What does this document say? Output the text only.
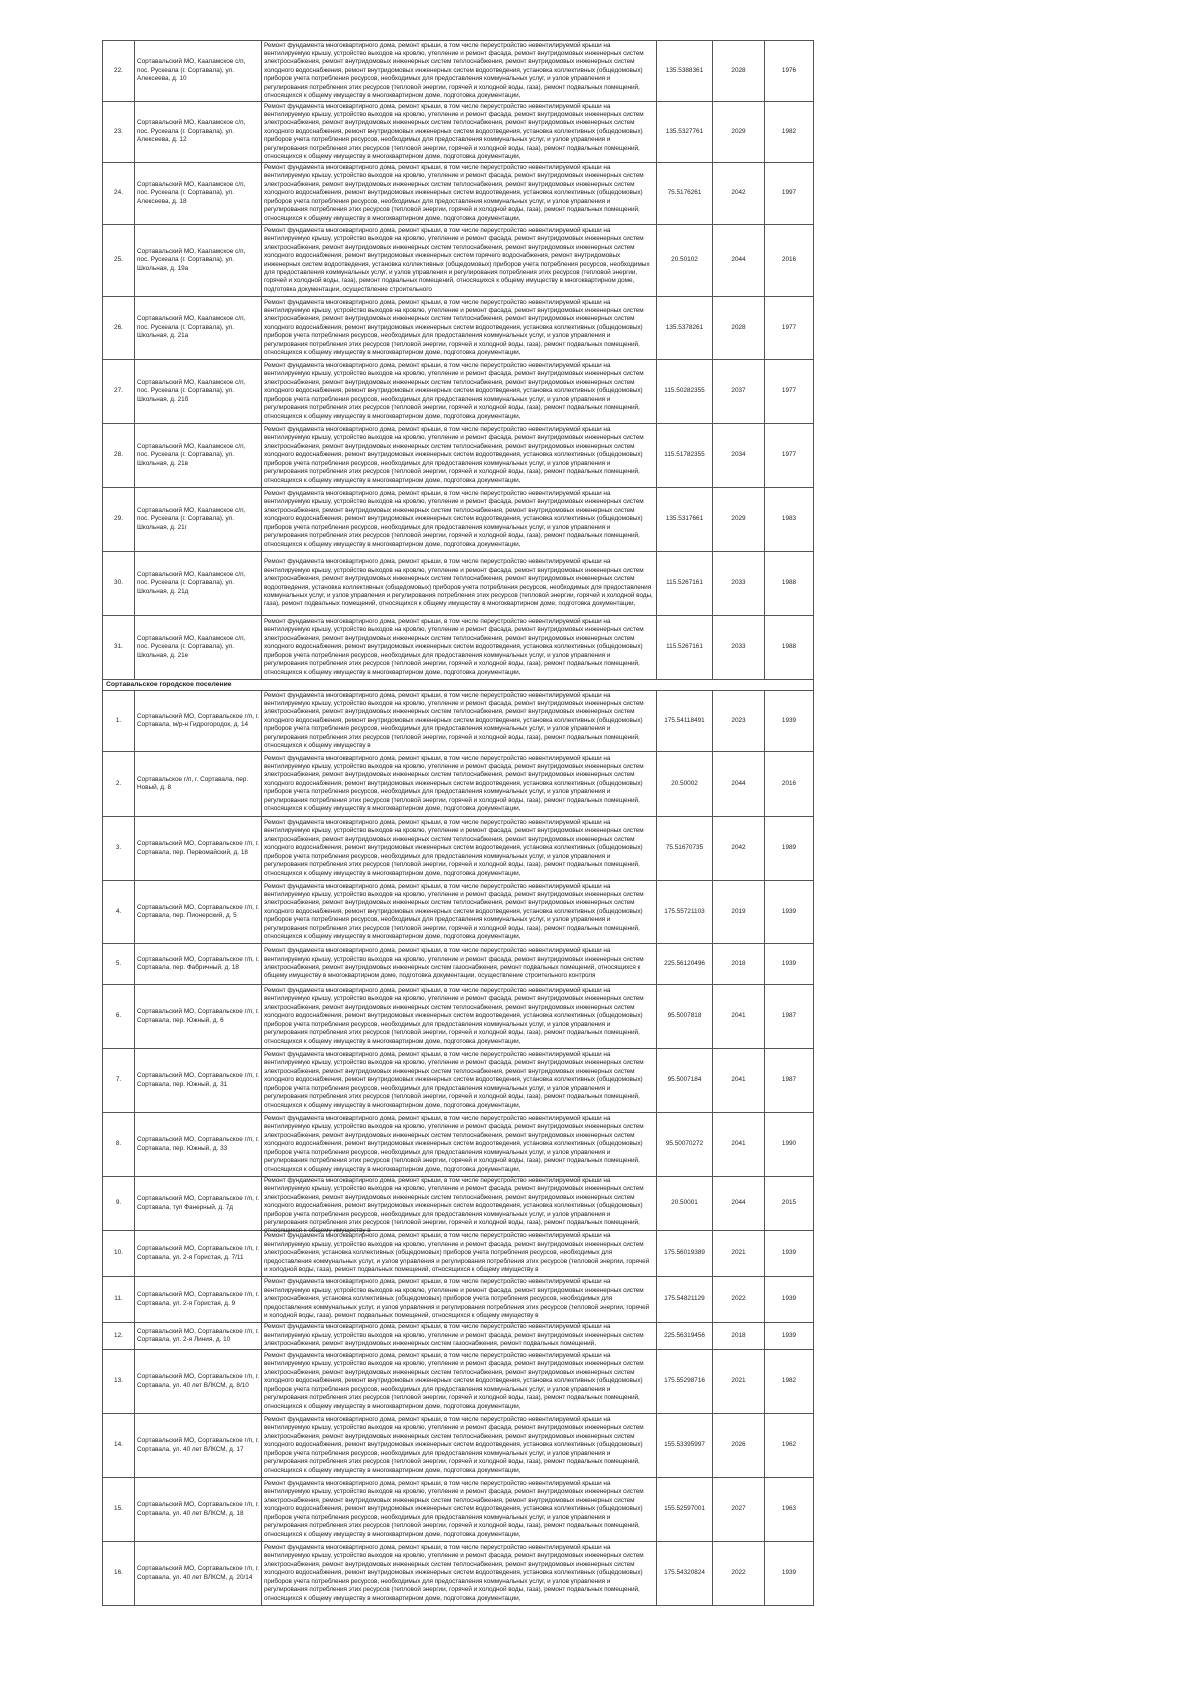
22.	Сортавальский МО, Кааламское с/п, пос. Рускеала (г. Сортавала), ул. Алексеева, д. 10	Ремонт фундамента многоквартирного дома, ремонт крыши, в том числе переустройство невентилируемой крыши на вентилируемую крышу, устройство выходов на кровлю, утепление и ремонт фасада, ремонт внутридомовых инженерных систем электроснабжения, ремонт внутридомовых инженерных систем теплоснабжения, ремонт внутридомовых инженерных систем холодного водоснабжения, ремонт внутридомовых инженерных систем водоотведения, установка коллективных (общедомовых) приборов учета потребления ресурсов, необходимых для предоставления коммунальных услуг, и узлов управления и регулирования потребления этих ресурсов (тепловой энергии, горячей и холодной воды, газа), ремонт подвальных помещений, относящихся к общему имуществу в многоквартирном доме, подготовка документации,	135.5388361	2028	1976

23.	Сортавальский МО, Кааламское с/п, пос. Рускеала (г. Сортавала), ул. Алексеева, д. 12	Ремонт фундамента многоквартирного дома, ремонт крыши, в том числе переустройство невентилируемой крыши на вентилируемую крышу, устройство выходов на кровлю, утепление и ремонт фасада, ремонт внутридомовых инженерных систем электроснабжения, ремонт внутридомовых инженерных систем теплоснабжения, ремонт внутридомовых инженерных систем холодного водоснабжения, ремонт внутридомовых инженерных систем водоотведения, установка коллективных (общедомовых) приборов учета потребления ресурсов, необходимых для предоставления коммунальных услуг, и узлов управления и регулирования потребления этих ресурсов (тепловой энергии, горячей и холодной воды, газа), ремонт подвальных помещений, относящихся к общему имуществу в многоквартирном доме, подготовка документации,	135.5327761	2029	1982

24.	Сортавальский МО, Кааламское с/п, пос. Рускеала (г. Сортавала), ул. Алексеева, д. 18	Ремонт фундамента многоквартирного дома, ремонт крыши, в том числе переустройство невентилируемой крыши на вентилируемую крышу, устройство выходов на кровлю, утепление и ремонт фасада, ремонт внутридомовых инженерных систем электроснабжения, ремонт внутридомовых инженерных систем теплоснабжения, ремонт внутридомовых инженерных систем холодного водоснабжения, ремонт внутридомовых инженерных систем водоотведения, установка коллективных (общедомовых) приборов учета потребления ресурсов, необходимых для предоставления коммунальных услуг, и узлов управления и регулирования потребления этих ресурсов (тепловой энергии, горячей и холодной воды, газа), ремонт подвальных помещений, относящихся к общему имуществу в многоквартирном доме, подготовка документации,	75.5176261	2042	1997

25.	Сортавальский МО, Кааламское с/п, пос. Рускеала (г. Сортавала), ул. Школьная, д. 19а	Ремонт фундамента многоквартирного дома, ремонт крыши, в том числе переустройство невентилируемой крыши на вентилируемую крышу, устройство выходов на кровлю, утепление и ремонт фасада, ремонт внутридомовых инженерных систем электроснабжения, ремонт внутридомовых инженерных систем теплоснабжения, ремонт внутридомовых инженерных систем холодного водоснабжения, ремонт внутридомовых инженерных систем горячего водоснабжения, ремонт внутридомовых инженерных систем водоотведения, установка коллективных (общедомовых) приборов учета потребления ресурсов, необходимых для предоставления коммунальных услуг, и узлов управления и регулирования потребления этих ресурсов (тепловой энергии, горячей и холодной воды, газа), ремонт подвальных помещений, относящихся к общему имуществу в многоквартирном доме, подготовка документации, осуществление строительного	20.50102	2044	2016

26.	Сортавальский МО, Кааламское с/п, пос. Рускеала (г. Сортавала), ул. Школьная, д. 21а	Ремонт фундамента многоквартирного дома, ремонт крыши, в том числе переустройство невентилируемой крыши на вентилируемую крышу, устройство выходов на кровлю, утепление и ремонт фасада, ремонт внутридомовых инженерных систем электроснабжения, ремонт внутридомовых инженерных систем теплоснабжения, ремонт внутридомовых инженерных систем холодного водоснабжения, ремонт внутридомовых инженерных систем водоотведения, установка коллективных (общедомовых) приборов учета потребления ресурсов, необходимых для предоставления коммунальных услуг, и узлов управления и регулирования потребления этих ресурсов (тепловой энергии, горячей и холодной воды, газа), ремонт подвальных помещений, относящихся к общему имуществу в многоквартирном доме, подготовка документации,	135.5378261	2028	1977

27.	Сортавальский МО, Кааламское с/п, пос. Рускеала (г. Сортавала), ул. Школьная, д. 21б	Ремонт фундамента многоквартирного дома, ремонт крыши, в том числе переустройство невентилируемой крыши на вентилируемую крышу, устройство выходов на кровлю, утепление и ремонт фасада, ремонт внутридомовых инженерных систем электроснабжения, ремонт внутридомовых инженерных систем теплоснабжения, ремонт внутридомовых инженерных систем холодного водоснабжения, ремонт внутридомовых инженерных систем водоотведения, установка коллективных (общедомовых) приборов учета потребления ресурсов, необходимых для предоставления коммунальных услуг, и узлов управления и регулирования потребления этих ресурсов (тепловой энергии, горячей и холодной воды, газа), ремонт подвальных помещений, относящихся к общему имуществу в многоквартирном доме, подготовка документации,	115.50282355	2037	1977

28.	Сортавальский МО, Кааламское с/п, пос. Рускеала (г. Сортавала), ул. Школьная, д. 21в	Ремонт фундамента многоквартирного дома, ремонт крыши, в том числе переустройство невентилируемой крыши на вентилируемую крышу, устройство выходов на кровлю, утепление и ремонт фасада, ремонт внутридомовых инженерных систем электроснабжения, ремонт внутридомовых инженерных систем теплоснабжения, ремонт внутридомовых инженерных систем холодного водоснабжения, ремонт внутридомовых инженерных систем водоотведения, установка коллективных (общедомовых) приборов учета потребления ресурсов, необходимых для предоставления коммунальных услуг, и узлов управления и регулирования потребления этих ресурсов (тепловой энергии, горячей и холодной воды, газа), ремонт подвальных помещений, относящихся к общему имуществу в многоквартирном доме, подготовка документации,	115.51782355	2034	1977

29.	Сортавальский МО, Кааламское с/п, пос. Рускеала (г. Сортавала), ул. Школьная, д. 21г	Ремонт фундамента многоквартирного дома, ремонт крыши, в том числе переустройство невентилируемой крыши на вентилируемую крышу, устройство выходов на кровлю, утепление и ремонт фасада, ремонт внутридомовых инженерных систем электроснабжения, ремонт внутридомовых инженерных систем теплоснабжения, ремонт внутридомовых инженерных систем холодного водоснабжения, ремонт внутридомовых инженерных систем водоотведения, установка коллективных (общедомовых) приборов учета потребления ресурсов, необходимых для предоставления коммунальных услуг, и узлов управления и регулирования потребления этих ресурсов (тепловой энергии, горячей и холодной воды, газа), ремонт подвальных помещений, относящихся к общему имуществу в многоквартирном доме, подготовка документации,	135.5317661	2029	1983

30.	Сортавальский МО, Кааламское с/п, пос. Рускеала (г. Сортавала), ул. Школьная, д. 21д	Ремонт фундамента многоквартирного дома, ремонт крыши, в том числе переустройство невентилируемой крыши на вентилируемую крышу, устройство выходов на кровлю, утепление и ремонт фасада, ремонт внутридомовых инженерных систем электроснабжения, ремонт внутридомовых инженерных систем теплоснабжения, ремонт внутридомовых инженерных систем водоотведения, установка коллективных (общедомовых) приборов учета потребления ресурсов, необходимых для предоставления коммунальных услуг, и узлов управления и регулирования потребления этих ресурсов (тепловой энергии, горячей и холодной воды, газа), ремонт подвальных помещений, относящихся к общему имуществу в многоквартирном доме, подготовка документации,	115.5267161	2033	1988

31.	Сортавальский МО, Кааламское с/п, пос. Рускеала (г. Сортавала), ул. Школьная, д. 21е	Ремонт фундамента многоквартирного дома, ремонт крыши, в том числе переустройство невентилируемой крыши на вентилируемую крышу, устройство выходов на кровлю, утепление и ремонт фасада, ремонт внутридомовых инженерных систем электроснабжения, ремонт внутридомовых инженерных систем теплоснабжения, ремонт внутридомовых инженерных систем холодного водоснабжения, ремонт внутридомовых инженерных систем водоотведения, установка коллективных (общедомовых) приборов учета потребления ресурсов, необходимых для предоставления коммунальных услуг, и узлов управления и регулирования потребления этих ресурсов (тепловой энергии, горячей и холодной воды, газа), ремонт подвальных помещений, относящихся к общему имуществу в многоквартирном доме, подготовка документации,	115.5267161	2033	1988

Сортавальское городское поселение					

1.	Сортавальский МО, Сортавальское г/п, г. Сортавала, м/р-н Гидрогородок, д. 14	Ремонт фундамента многоквартирного дома, ремонт крыши, в том числе переустройство невентилируемой крыши на вентилируемую крышу, устройство выходов на кровлю, утепление и ремонт фасада, ремонт внутридомовых инженерных систем электроснабжения, ремонт внутридомовых инженерных систем теплоснабжения, ремонт внутридомовых инженерных систем холодного водоснабжения, ремонт внутридомовых инженерных систем водоотведения, установка коллективных (общедомовых) приборов учета потребления ресурсов, необходимых для предоставления коммунальных услуг, и узлов управления и регулирования потребления этих ресурсов (тепловой энергии, горячей и холодной воды, газа), ремонт подвальных помещений, относящихся к общему имуществу в	175.54118491	2023	1939

2.	Сортавальское г/п, г. Сортавала, пер. Новый, д. 8	Ремонт фундамента многоквартирного дома, ремонт крыши, в том числе переустройство невентилируемой крыши на вентилируемую крышу, устройство выходов на кровлю, утепление и ремонт фасада, ремонт внутридомовых инженерных систем электроснабжения, ремонт внутридомовых инженерных систем теплоснабжения, ремонт внутридомовых инженерных систем холодного водоснабжения, ремонт внутридомовых инженерных систем водоотведения, установка коллективных (общедомовых) приборов учета потребления ресурсов, необходимых для предоставления коммунальных услуг, и узлов управления и регулирования потребления этих ресурсов (тепловой энергии, горячей и холодной воды, газа), ремонт подвальных помещений, относящихся к общему имуществу в многоквартирном доме, подготовка документации,	20.50002	2044	2016

3.	Сортавальский МО, Сортавальское г/п, г. Сортавала, пер. Первомайский, д. 18	Ремонт фундамента многоквартирного дома, ремонт крыши, в том числе переустройство невентилируемой крыши на вентилируемую крышу, устройство выходов на кровлю, утепление и ремонт фасада, ремонт внутридомовых инженерных систем электроснабжения, ремонт внутридомовых инженерных систем теплоснабжения, ремонт внутридомовых инженерных систем холодного водоснабжения, ремонт внутридомовых инженерных систем водоотведения, установка коллективных (общедомовых) приборов учета потребления ресурсов, необходимых для предоставления коммунальных услуг, и узлов управления и регулирования потребления этих ресурсов (тепловой энергии, горячей и холодной воды, газа), ремонт подвальных помещений, относящихся к общему имуществу в многоквартирном доме, подготовка документации,	75.51670735	2042	1989

4.	Сортавальский МО, Сортавальское г/п, г. Сортавала, пер. Пионерский, д. 5	Ремонт фундамента многоквартирного дома, ремонт крыши, в том числе переустройство невентилируемой крыши на вентилируемую крышу, устройство выходов на кровлю, утепление и ремонт фасада, ремонт внутридомовых инженерных систем электроснабжения, ремонт внутридомовых инженерных систем теплоснабжения, ремонт внутридомовых инженерных систем холодного водоснабжения, ремонт внутридомовых инженерных систем водоотведения, установка коллективных (общедомовых) приборов учета потребления ресурсов, необходимых для предоставления коммунальных услуг, и узлов управления и регулирования потребления этих ресурсов (тепловой энергии, горячей и холодной воды, газа), ремонт подвальных помещений, относящихся к общему имуществу в многоквартирном доме, подготовка документации,	175.55721103	2019	1939

5.	Сортавальский МО, Сортавальское г/п, г. Сортавала, пер. Фабричный, д. 18	Ремонт фундамента многоквартирного дома, ремонт крыши, в том числе переустройство невентилируемой крыши на вентилируемую крышу, устройство выходов на кровлю, утепление и ремонт фасада, ремонт внутридомовых инженерных систем электроснабжения, ремонт внутридомовых инженерных систем газоснабжения, ремонт подвальных помещений, относящихся к общему имуществу в многоквартирном доме, подготовка документации, осуществление строительного контроля	225.56120496	2018	1939

6.	Сортавальский МО, Сортавальское г/п, г. Сортавала, пер. Южный, д. 6	Ремонт фундамента многоквартирного дома, ремонт крыши, в том числе переустройство невентилируемой крыши на вентилируемую крышу, устройство выходов на кровлю, утепление и ремонт фасада, ремонт внутридомовых инженерных систем электроснабжения, ремонт внутридомовых инженерных систем теплоснабжения, ремонт внутридомовых инженерных систем холодного водоснабжения, ремонт внутридомовых инженерных систем водоотведения, установка коллективных (общедомовых) приборов учета потребления ресурсов, необходимых для предоставления коммунальных услуг, и узлов управления и регулирования потребления этих ресурсов (тепловой энергии, горячей и холодной воды, газа), ремонт подвальных помещений, относящихся к общему имуществу в многоквартирном доме, подготовка документации,	95.5007818	2041	1987

7.	Сортавальский МО, Сортавальское г/п, г. Сортавала, пер. Южный, д. 31	Ремонт фундамента многоквартирного дома, ремонт крыши, в том числе переустройство невентилируемой крыши на вентилируемую крышу, устройство выходов на кровлю, утепление и ремонт фасада, ремонт внутридомовых инженерных систем электроснабжения, ремонт внутридомовых инженерных систем теплоснабжения, ремонт внутридомовых инженерных систем холодного водоснабжения, ремонт внутридомовых инженерных систем водоотведения, установка коллективных (общедомовых) приборов учета потребления ресурсов, необходимых для предоставления коммунальных услуг, и узлов управления и регулирования потребления этих ресурсов (тепловой энергии, горячей и холодной воды, газа), ремонт подвальных помещений, относящихся к общему имуществу в многоквартирном доме, подготовка документации,	95.5007184	2041	1987

8.	Сортавальский МО, Сортавальское г/п, г. Сортавала, пер. Южный, д. 33	Ремонт фундамента многоквартирного дома, ремонт крыши, в том числе переустройство невентилируемой крыши на вентилируемую крышу, устройство выходов на кровлю, утепление и ремонт фасада, ремонт внутридомовых инженерных систем электроснабжения, ремонт внутридомовых инженерных систем теплоснабжения, ремонт внутридомовых инженерных систем холодного водоснабжения, ремонт внутридомовых инженерных систем водоотведения, установка коллективных (общедомовых) приборов учета потребления ресурсов, необходимых для предоставления коммунальных услуг, и узлов управления и регулирования потребления этих ресурсов (тепловой энергии, горячей и холодной воды, газа), ремонт подвальных помещений, относящихся к общему имуществу в многоквартирном доме, подготовка документации,	95.50070272	2041	1990

9.	Сортавальский МО, Сортавальское г/п, г. Сортавала, туп Фанерный, д. 7д	Ремонт фундамента многоквартирного дома, ремонт крыши, в том числе переустройство невентилируемой крыши на вентилируемую крышу, устройство выходов на кровлю, утепление и ремонт фасада, ремонт внутридомовых инженерных систем электроснабжения, ремонт внутридомовых инженерных систем теплоснабжения, ремонт внутридомовых инженерных систем холодного водоснабжения, ремонт внутридомовых инженерных систем водоотведения, установка коллективных (общедомовых) приборов учета потребления ресурсов, необходимых для предоставления коммунальных услуг, и узлов управления и регулирования потребления этих ресурсов (тепловой энергии, горячей и холодной воды, газа), ремонт подвальных помещений, относящихся к общему имуществу в	20.50001	2044	2015

10.	Сортавальский МО, Сортавальское г/п, г. Сортавала, ул. 2-я Гористая, д. 7/11	Ремонт фундамента многоквартирного дома, ремонт крыши, в том числе переустройство невентилируемой крыши на вентилируемую крышу, устройство выходов на кровлю, утепление и ремонт фасада, ремонт внутридомовых инженерных систем электроснабжения, установка коллективных (общедомовых) приборов учета потребления ресурсов, необходимых для предоставления коммунальных услуг, и узлов управления и регулирования потребления этих ресурсов (тепловой энергии, горячей и холодной воды, газа), ремонт подвальных помещений, относящихся к общему имуществу в	175.56019389	2021	1939

11.	Сортавальский МО, Сортавальское г/п, г. Сортавала, ул. 2-я Гористая, д. 9	Ремонт фундамента многоквартирного дома, ремонт крыши, в том числе переустройство невентилируемой крыши на вентилируемую крышу, устройство выходов на кровлю, утепление и ремонт фасада, ремонт внутридомовых инженерных систем электроснабжения, установка коллективных (общедомовых) приборов учета потребления ресурсов, необходимых для предоставления коммунальных услуг, и узлов управления и регулирования потребления этих ресурсов (тепловой энергии, горячей и холодной воды, газа), ремонт подвальных помещений, относящихся к общему имуществу в	175.54821129	2022	1939

12.	Сортавальский МО, Сортавальское г/п, г. Сортавала, ул. 2-я Линия, д. 10	Ремонт фундамента многоквартирного дома, ремонт крыши, в том числе переустройство невентилируемой крыши на вентилируемую крышу, устройство выходов на кровлю, утепление и ремонт фасада, ремонт внутридомовых инженерных систем электроснабжения, ремонт внутридомовых инженерных систем газоснабжения, ремонт подвальных помещений,	225.56319456	2018	1939

13.	Сортавальский МО, Сортавальское г/п, г. Сортавала, ул. 40 лет ВЛКСМ, д. 8/10	Ремонт фундамента многоквартирного дома, ремонт крыши, в том числе переустройство невентилируемой крыши на вентилируемую крышу, устройство выходов на кровлю, утепление и ремонт фасада, ремонт внутридомовых инженерных систем электроснабжения, ремонт внутридомовых инженерных систем теплоснабжения, ремонт внутридомовых инженерных систем холодного водоснабжения, ремонт внутридомовых инженерных систем водоотведения, установка коллективных (общедомовых) приборов учета потребления ресурсов, необходимых для предоставления коммунальных услуг, и узлов управления и регулирования потребления этих ресурсов (тепловой энергии, горячей и холодной воды, газа), ремонт подвальных помещений, относящихся к общему имуществу в многоквартирном доме, подготовка документации,	175.55298716	2021	1982

14.	Сортавальский МО, Сортавальское г/п, г. Сортавала, ул. 40 лет ВЛКСМ, д. 17	Ремонт фундамента многоквартирного дома, ремонт крыши, в том числе переустройство невентилируемой крыши на вентилируемую крышу, устройство выходов на кровлю, утепление и ремонт фасада, ремонт внутридомовых инженерных систем электроснабжения, ремонт внутридомовых инженерных систем теплоснабжения, ремонт внутридомовых инженерных систем холодного водоснабжения, ремонт внутридомовых инженерных систем водоотведения, установка коллективных (общедомовых) приборов учета потребления ресурсов, необходимых для предоставления коммунальных услуг, и узлов управления и регулирования потребления этих ресурсов (тепловой энергии, горячей и холодной воды, газа), ремонт подвальных помещений, относящихся к общему имуществу в многоквартирном доме, подготовка документации,	155.53395997	2026	1962

15.	Сортавальский МО, Сортавальское г/п, г. Сортавала, ул. 40 лет ВЛКСМ, д. 18	Ремонт фундамента многоквартирного дома, ремонт крыши, в том числе переустройство невентилируемой крыши на вентилируемую крышу, устройство выходов на кровлю, утепление и ремонт фасада, ремонт внутридомовых инженерных систем электроснабжения, ремонт внутридомовых инженерных систем теплоснабжения, ремонт внутридомовых инженерных систем холодного водоснабжения, ремонт внутридомовых инженерных систем водоотведения, установка коллективных (общедомовых) приборов учета потребления ресурсов, необходимых для предоставления коммунальных услуг, и узлов управления и регулирования потребления этих ресурсов (тепловой энергии, горячей и холодной воды, газа), ремонт подвальных помещений, относящихся к общему имуществу в многоквартирном доме, подготовка документации,	155.52597001	2027	1963

16.	Сортавальский МО, Сортавальское г/п, г. Сортавала, ул. 40 лет ВЛКСМ, д. 20/14	Ремонт фундамента многоквартирного дома, ремонт крыши, в том числе переустройство невентилируемой крыши на вентилируемую крышу, устройство выходов на кровлю, утепление и ремонт фасада, ремонт внутридомовых инженерных систем электроснабжения, ремонт внутридомовых инженерных систем теплоснабжения, ремонт внутридомовых инженерных систем холодного водоснабжения, ремонт внутридомовых инженерных систем водоотведения, установка коллективных (общедомовых) приборов учета потребления ресурсов, необходимых для предоставления коммунальных услуг, и узлов управления и регулирования потребления этих ресурсов (тепловой энергии, горячей и холодной воды, газа), ремонт подвальных помещений, относящихся к общему имуществу в многоквартирном доме, подготовка документации,	175.54320824	2022	1939
